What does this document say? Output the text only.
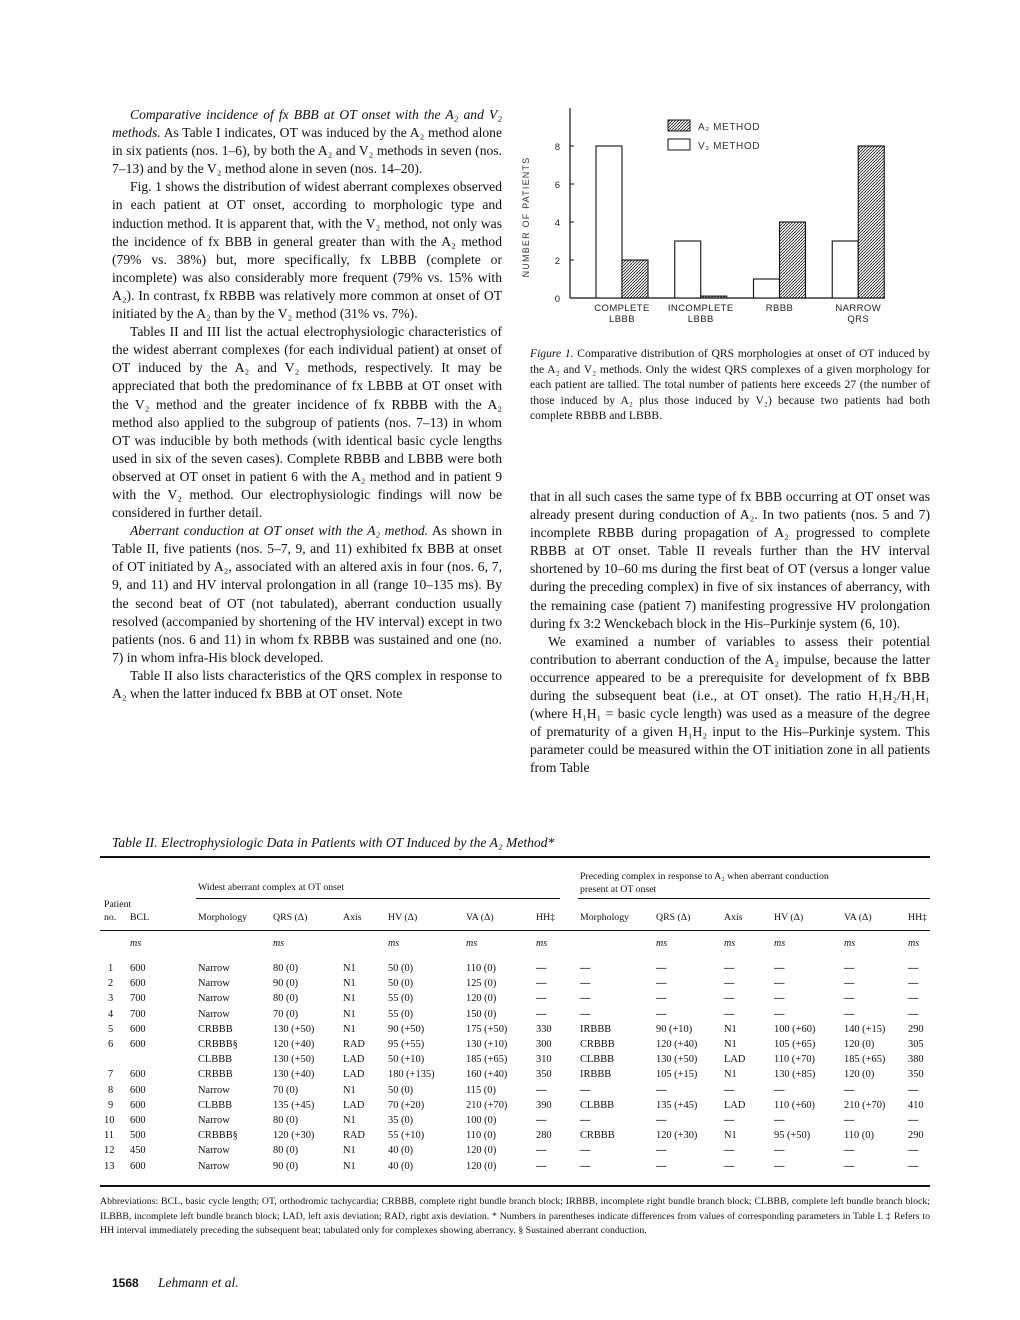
Comparative incidence of fx BBB at OT onset with the A₂ and V₂ methods. As Table I indicates, OT was induced by the A₂ method alone in six patients (nos. 1–6), by both the A₂ and V₂ methods in seven (nos. 7–13) and by the V₂ method alone in seven (nos. 14–20).

Fig. 1 shows the distribution of widest aberrant complexes observed in each patient at OT onset, according to morphologic type and induction method. It is apparent that, with the V₂ method, not only was the incidence of fx BBB in general greater than with the A₂ method (79% vs. 38%) but, more specifically, fx LBBB (complete or incomplete) was also considerably more frequent (79% vs. 15% with A₂). In contrast, fx RBBB was relatively more common at onset of OT initiated by the A₂ than by the V₂ method (31% vs. 7%).

Tables II and III list the actual electrophysiologic characteristics of the widest aberrant complexes (for each individual patient) at onset of OT induced by the A₂ and V₂ methods, respectively. It may be appreciated that both the predominance of fx LBBB at OT onset with the V₂ method and the greater incidence of fx RBBB with the A₂ method also applied to the subgroup of patients (nos. 7–13) in whom OT was inducible by both methods (with identical basic cycle lengths used in six of the seven cases). Complete RBBB and LBBB were both observed at OT onset in patient 6 with the A₂ method and in patient 9 with the V₂ method. Our electrophysiologic findings will now be considered in further detail.

Aberrant conduction at OT onset with the A₂ method. As shown in Table II, five patients (nos. 5–7, 9, and 11) exhibited fx BBB at onset of OT initiated by A₂, associated with an altered axis in four (nos. 6, 7, 9, and 11) and HV interval prolongation in all (range 10–135 ms). By the second beat of OT (not tabulated), aberrant conduction usually resolved (accompanied by shortening of the HV interval) except in two patients (nos. 6 and 11) in whom fx RBBB was sustained and one (no. 7) in whom infra-His block developed.

Table II also lists characteristics of the QRS complex in response to A₂ when the latter induced fx BBB at OT onset. Note

0
2
4
6
8
NUMBER OF PATIENTS
COMPLETE
LBBB
INCOMPLETE
LBBB
RBBB	NARROW
QRS
A₂ METHOD
V₂ METHOD
Figure 1. Comparative distribution of QRS morphologies at onset of OT induced by the A₂ and V₂ methods. Only the widest QRS complexes of a given morphology for each patient are tallied. The total number of patients here exceeds 27 (the number of those induced by A₂ plus those induced by V₂) because two patients had both complete RBBB and LBBB.

that in all such cases the same type of fx BBB occurring at OT onset was already present during conduction of A₂. In two patients (nos. 5 and 7) incomplete RBBB during propagation of A₂ progressed to complete RBBB at OT onset. Table II reveals further than the HV interval shortened by 10–60 ms during the first beat of OT (versus a longer value during the preceding complex) in five of six instances of aberrancy, with the remaining case (patient 7) manifesting progressive HV prolongation during fx 3:2 Wenckebach block in the His–Purkinje system (6, 10).

We examined a number of variables to assess their potential contribution to aberrant conduction of the A₂ impulse, because the latter occurrence appeared to be a prerequisite for development of fx BBB during the subsequent beat (i.e., at OT onset). The ratio H₁H₂/H₁H₁ (where H₁H₁ = basic cycle length) was used as a measure of the degree of prematurity of a given H₁H₂ input to the His–Purkinje system. This parameter could be measured within the OT initiation zone in all patients from Table

Table II. Electrophysiologic Data in Patients with OT Induced by the A₂ Method*
Widest aberrant complex at OT onset
Preceding complex in response to A₂ when aberrant conduction
present at OT onset
Patient
no. BCL	Morphology	QRS (Δ)	Axis	HV (Δ)	VA (Δ)	HH‡	Morphology	QRS (Δ)	Axis	HV (Δ)	VA (Δ)	HH‡
ms	ms	ms	ms	ms	ms	ms	ms	ms	ms
1 600	Narrow	80 (0)	N1	50 (0)	110 (0)	—	—	—	—	—	—	—
2 600	Narrow	90 (0)	N1	50 (0)	125 (0)	—	—	—	—	—	—	—
3 700	Narrow	80 (0)	N1	55 (0)	120 (0)	—	—	—	—	—	—	—
4 700	Narrow	70 (0)	N1	55 (0)	150 (0)	—	—	—	—	—	—	—
5 600	CRBBB	130 (+50)	N1	90 (+50)	175 (+50)	330	IRBBB	90 (+10)	N1	100 (+60)	140 (+15) 290
6 600	CRBBB§	120 (+40)	RAD 95 (+55)	130 (+10)	300	CRBBB	120 (+40)	N1	105 (+65)	120 (0)	305
CLBBB	130 (+50)	LAD 50 (+10)	185 (+65)	310	CLBBB	130 (+50)	LAD	110 (+70)	185 (+65) 380
7 600	CRBBB	130 (+40)	LAD 180 (+135)	160 (+40)	350	IRBBB	105 (+15)	N1	130 (+85)	120 (0)	350
8 600	Narrow	70 (0)	N1	50 (0)	115 (0)	—	—	—	—	—	—	—
9 600	CLBBB	135 (+45)	LAD 70 (+20)	210 (+70)	390	CLBBB	135 (+45)	LAD	110 (+60)	210 (+70) 410
10 600	Narrow	80 (0)	N1	35 (0)	100 (0)	—	—	—	—	—	—	—
11 500	CRBBB§	120 (+30)	RAD 55 (+10)	110 (0)	280	CRBBB	120 (+30)	N1	95 (+50)	110 (0)	290
12 450	Narrow	80 (0)	N1	40 (0)	120 (0)	—	—	—	—	—	—	—
13 600	Narrow	90 (0)	N1	40 (0)	120 (0)	—	—	—	—	—	—	—
Abbreviations: BCL, basic cycle length; OT, orthodromic tachycardia; CRBBB, complete right bundle branch block; IRBBB, incomplete right bundle branch block; CLBBB, complete left bundle branch block; ILBBB, incomplete left bundle branch block; LAD, left axis deviation; RAD, right axis deviation. * Numbers in parentheses indicate differences from values of corresponding parameters in Table I. ‡ Refers to HH interval immediately preceding the subsequent beat; tabulated only for complexes showing aberrancy. § Sustained aberrant conduction.
1568 Lehmann et al.
